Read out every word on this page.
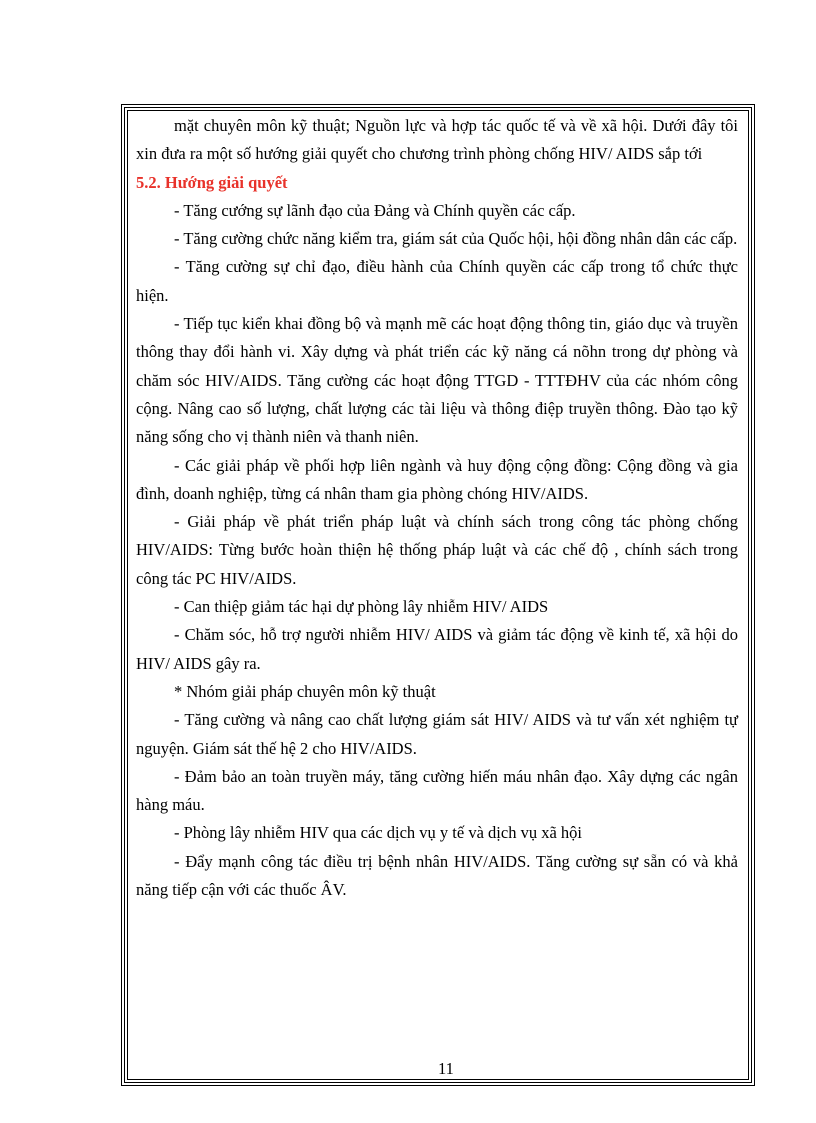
mặt chuyên môn kỹ thuật; Nguồn lực và hợp tác quốc tế và về xã hội. Dưới đây tôi xin đưa ra một số hướng giải quyết cho chương trình phòng chống HIV/ AIDS sắp tới

5.2. Hướng giải quyết

- Tăng cướng sự lãnh đạo của Đảng và Chính quyền các cấp.

- Tăng cường chức năng kiểm tra, giám sát của Quốc hội, hội đồng nhân dân các cấp.

- Tăng cường sự chỉ đạo, điều hành của Chính quyền các cấp trong tổ chức thực hiện.

- Tiếp tục kiển khai đồng bộ và mạnh mẽ các hoạt động thông tin, giáo dục và truyền thông thay đổi hành vi. Xây dựng và phát triển các kỹ năng cá nõhn trong dự phòng và chăm sóc HIV/AIDS. Tăng cường các hoạt động TTGD - TTTĐHV của các nhóm công cộng. Nâng cao số lượng, chất lượng các tài liệu và thông điệp truyền thông. Đào tạo kỹ năng sống cho vị thành niên và thanh niên.

- Các giải pháp về phối hợp liên ngành và huy động cộng đồng: Cộng đồng và gia đình, doanh nghiệp, từng cá nhân tham gia phòng chóng HIV/AIDS.

- Giải pháp về phát triển pháp luật và chính sách trong công tác phòng chống HIV/AIDS: Từng bước hoàn thiện hệ thống pháp luật và các chế độ , chính sách trong công tác PC HIV/AIDS.

- Can thiệp giảm tác hại dự phòng lây nhiễm HIV/ AIDS

- Chăm sóc, hỗ trợ người nhiễm HIV/ AIDS và giảm tác động về kinh tế, xã hội do HIV/ AIDS gây ra.

* Nhóm giải pháp chuyên môn kỹ thuật

- Tăng cường và nâng cao chất lượng giám sát HIV/ AIDS và tư vấn xét nghiệm tự nguyện. Giám sát thế hệ 2 cho HIV/AIDS.

- Đảm bảo an toàn truyền máy, tăng cường hiến máu nhân đạo. Xây dựng các ngân hàng máu.

- Phòng lây nhiễm HIV qua các dịch vụ y tế và dịch vụ xã hội

- Đẩy mạnh công tác điều trị bệnh nhân HIV/AIDS. Tăng cường sự sẵn có và khả năng tiếp cận với các thuốc ÂV.

11
